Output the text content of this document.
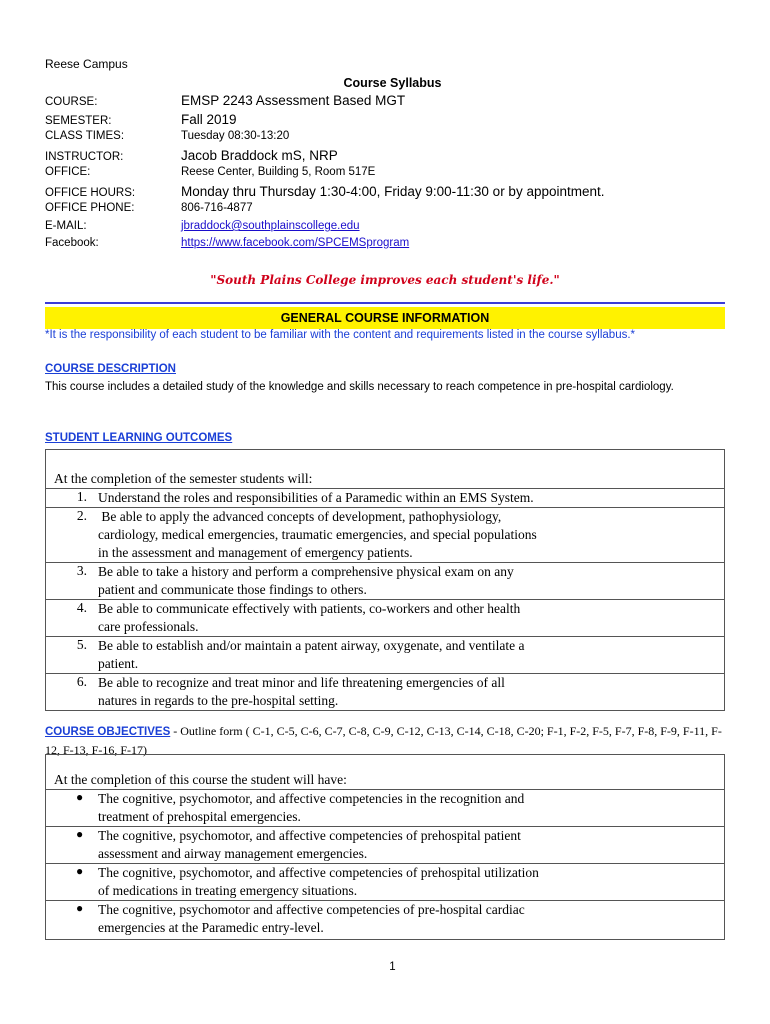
Reese Campus
Course Syllabus
COURSE:	EMSP 2243 Assessment Based MGT
SEMESTER:	Fall 2019
CLASS TIMES:	Tuesday 08:30-13:20
INSTRUCTOR:	Jacob Braddock mS, NRP
OFFICE:	Reese Center, Building 5, Room 517E
OFFICE HOURS:	Monday thru Thursday 1:30-4:00, Friday 9:00-11:30 or by appointment.
OFFICE PHONE:	806-716-4877
E-MAIL:	jbraddock@southplainscollege.edu
Facebook:	https://www.facebook.com/SPCEMSprogram
"South Plains College improves each student's life."
GENERAL COURSE INFORMATION
*It is the responsibility of each student to be familiar with the content and requirements listed in the course syllabus.*
COURSE DESCRIPTION
This course includes a detailed study of the knowledge and skills necessary to reach competence in pre-hospital cardiology.
STUDENT LEARNING OUTCOMES
At the completion of the semester students will:
1. Understand the roles and responsibilities of a Paramedic within an EMS System.
2. Be able to apply the advanced concepts of development, pathophysiology,
cardiology, medical emergencies, traumatic emergencies, and special populations
in the assessment and management of emergency patients.
3. Be able to take a history and perform a comprehensive physical exam on any
patient and communicate those findings to others.
4. Be able to communicate effectively with patients, co-workers and other health
care professionals.
5. Be able to establish and/or maintain a patent airway, oxygenate, and ventilate a
patient.
6. Be able to recognize and treat minor and life threatening emergencies of all
natures in regards to the pre-hospital setting.
COURSE OBJECTIVES - Outline form ( C-1, C-5, C-6, C-7, C-8, C-9, C-12, C-13, C-14, C-18, C-20; F-1, F-2, F-5, F-7, F-8, F-9, F-11, F-12, F-13, F-16, F-17)
At the completion of this course the student will have:
● The cognitive, psychomotor, and affective competencies in the recognition and
treatment of prehospital emergencies.
● The cognitive, psychomotor, and affective competencies of prehospital patient
assessment and airway management emergencies.
● The cognitive, psychomotor, and affective competencies of prehospital utilization
of medications in treating emergency situations.
● The cognitive, psychomotor and affective competencies of pre-hospital cardiac
emergencies at the Paramedic entry-level.
1
